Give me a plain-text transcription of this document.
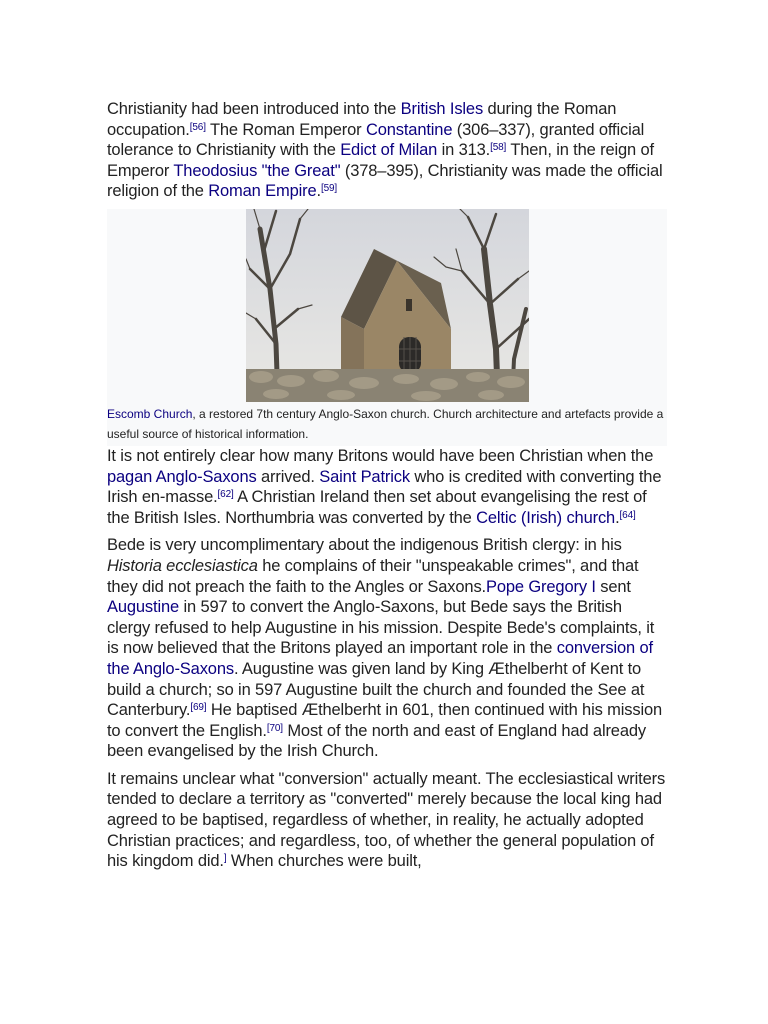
Christianity had been introduced into the British Isles during the Roman occupation.[56] The Roman Emperor Constantine (306–337), granted official tolerance to Christianity with the Edict of Milan in 313.[58] Then, in the reign of Emperor Theodosius "the Great" (378–395), Christianity was made the official religion of the Roman Empire.[59]

Escomb Church, a restored 7th century Anglo-Saxon church. Church architecture and artefacts provide a useful source of historical information.

It is not entirely clear how many Britons would have been Christian when the pagan Anglo-Saxons arrived. Saint Patrick who is credited with converting the Irish en-masse.[62] A Christian Ireland then set about evangelising the rest of the British Isles. Northumbria was converted by the Celtic (Irish) church.[64]

Bede is very uncomplimentary about the indigenous British clergy: in his Historia ecclesiastica he complains of their "unspeakable crimes", and that they did not preach the faith to the Angles or Saxons.Pope Gregory I sent Augustine in 597 to convert the Anglo-Saxons, but Bede says the British clergy refused to help Augustine in his mission. Despite Bede's complaints, it is now believed that the Britons played an important role in the conversion of the Anglo-Saxons. Augustine was given land by King Æthelberht of Kent to build a church; so in 597 Augustine built the church and founded the See at Canterbury.[69] He baptised Æthelberht in 601, then continued with his mission to convert the English.[70] Most of the north and east of England had already been evangelised by the Irish Church.

It remains unclear what "conversion" actually meant. The ecclesiastical writers tended to declare a territory as "converted" merely because the local king had agreed to be baptised, regardless of whether, in reality, he actually adopted Christian practices; and regardless, too, of whether the general population of his kingdom did.] When churches were built,
